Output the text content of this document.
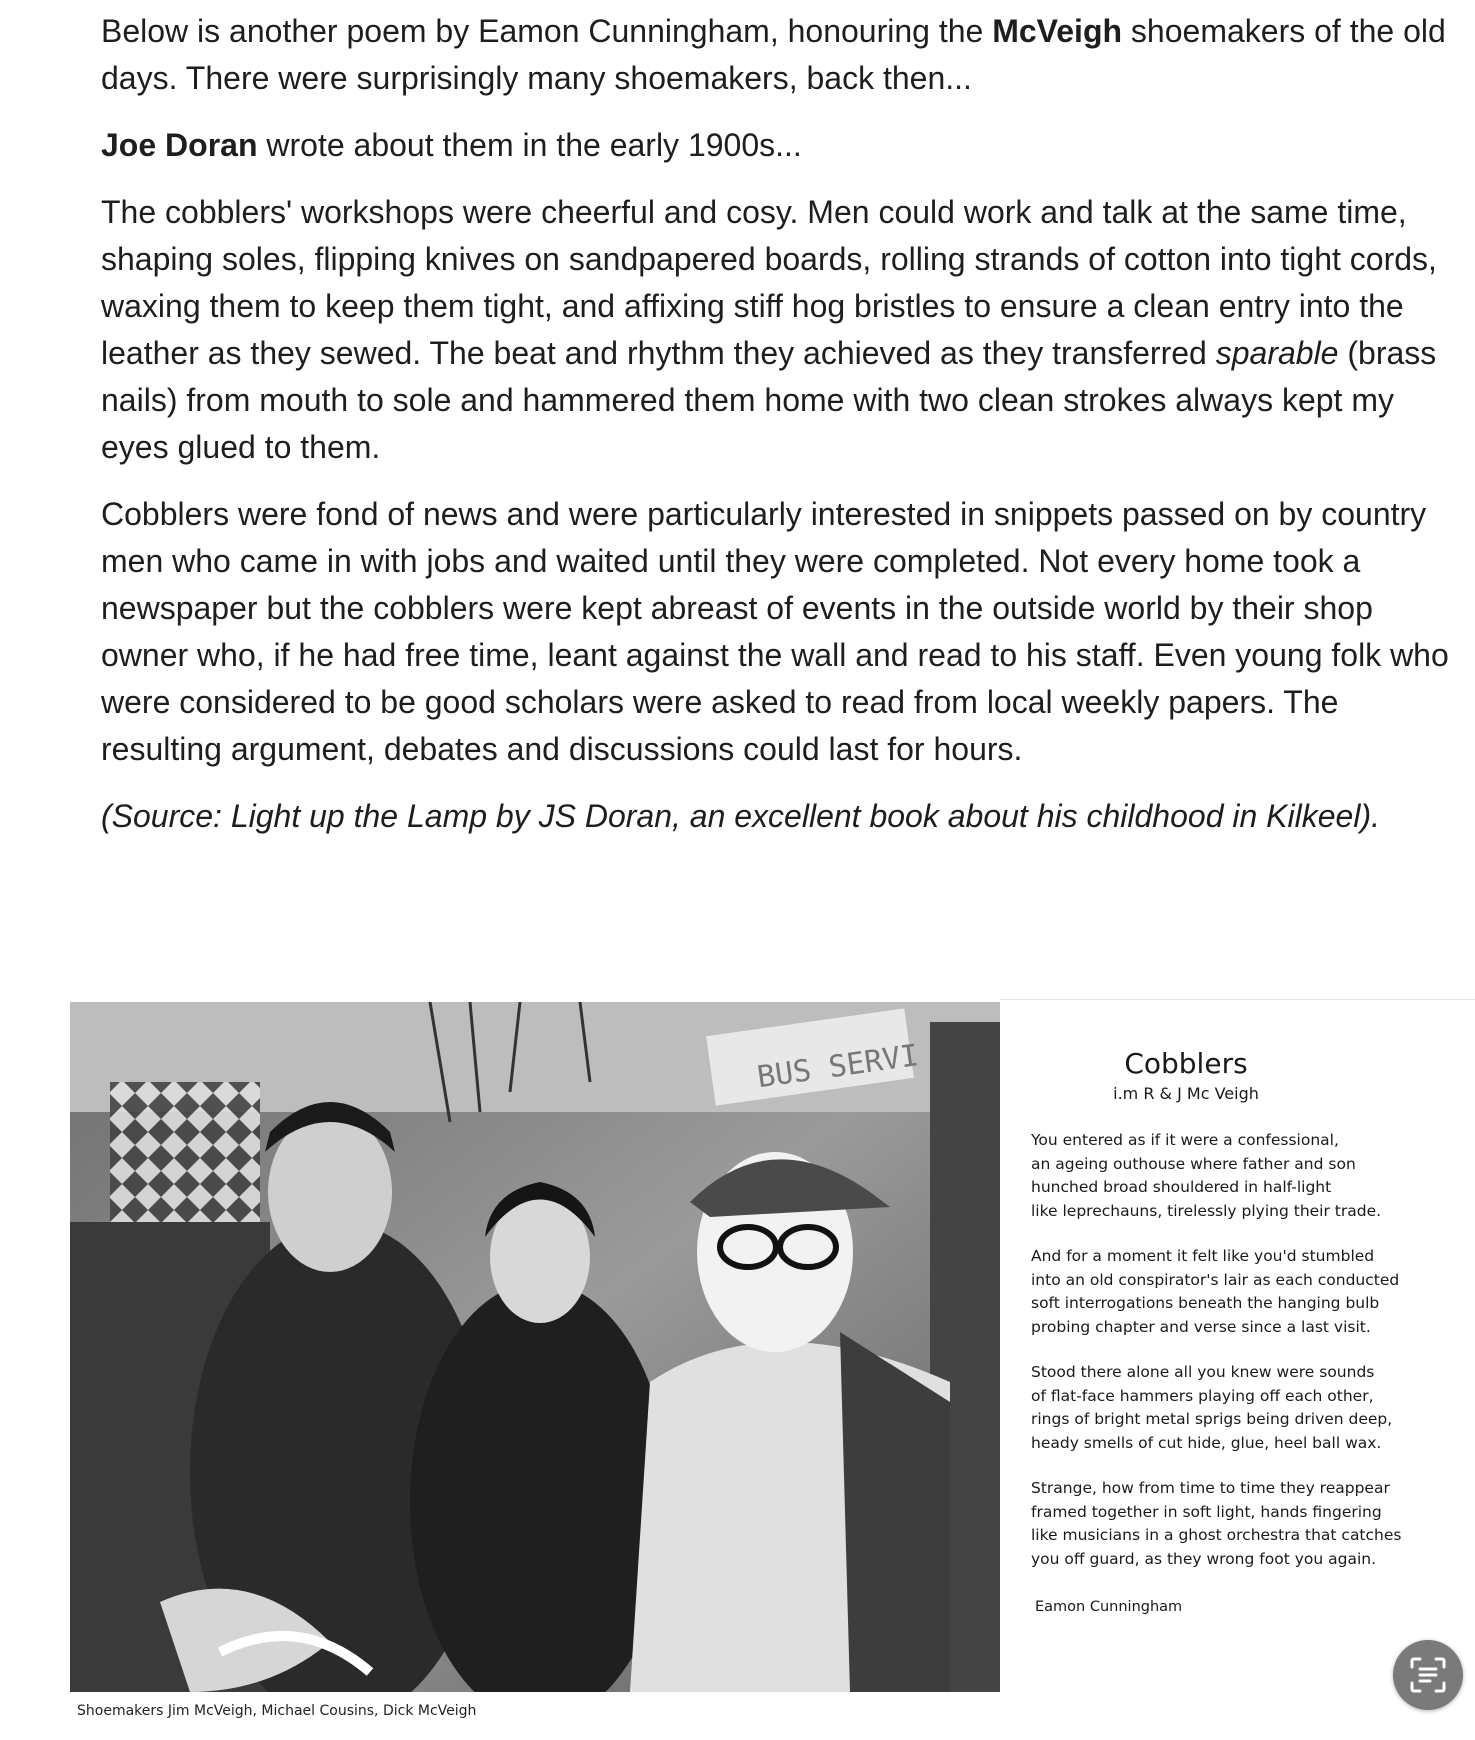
Below is another poem by Eamon Cunningham, honouring the McVeigh shoemakers of the old days. There were surprisingly many shoemakers, back then...

Joe Doran wrote about them in the early 1900s...

The cobblers' workshops were cheerful and cosy. Men could work and talk at the same time, shaping soles, flipping knives on sandpapered boards, rolling strands of cotton into tight cords, waxing them to keep them tight, and affixing stiff hog bristles to ensure a clean entry into the leather as they sewed. The beat and rhythm they achieved as they transferred sparable (brass nails) from mouth to sole and hammered them home with two clean strokes always kept my eyes glued to them.

Cobblers were fond of news and were particularly interested in snippets passed on by country men who came in with jobs and waited until they were completed. Not every home took a newspaper but the cobblers were kept abreast of events in the outside world by their shop owner who, if he had free time, leant against the wall and read to his staff. Even young folk who were considered to be good scholars were asked to read from local weekly papers. The resulting argument, debates and discussions could last for hours.

(Source: Light up the Lamp by JS Doran, an excellent book about his childhood in Kilkeel).

BUS SERVI
Shoemakers Jim McVeigh, Michael Cousins, Dick McVeigh
Cobblers
i.m R & J Mc Veigh
You entered as if it were a confessional,
an ageing outhouse where father and son
hunched broad shouldered in half-light
like leprechauns, tirelessly plying their trade.
And for a moment it felt like you'd stumbled
into an old conspirator's lair as each conducted
soft interrogations beneath the hanging bulb
probing chapter and verse since a last visit.
Stood there alone all you knew were sounds
of flat-face hammers playing off each other,
rings of bright metal sprigs being driven deep,
heady smells of cut hide, glue, heel ball wax.
Strange, how from time to time they reappear
framed together in soft light, hands fingering
like musicians in a ghost orchestra that catches
you off guard, as they wrong foot you again.
Eamon Cunningham
